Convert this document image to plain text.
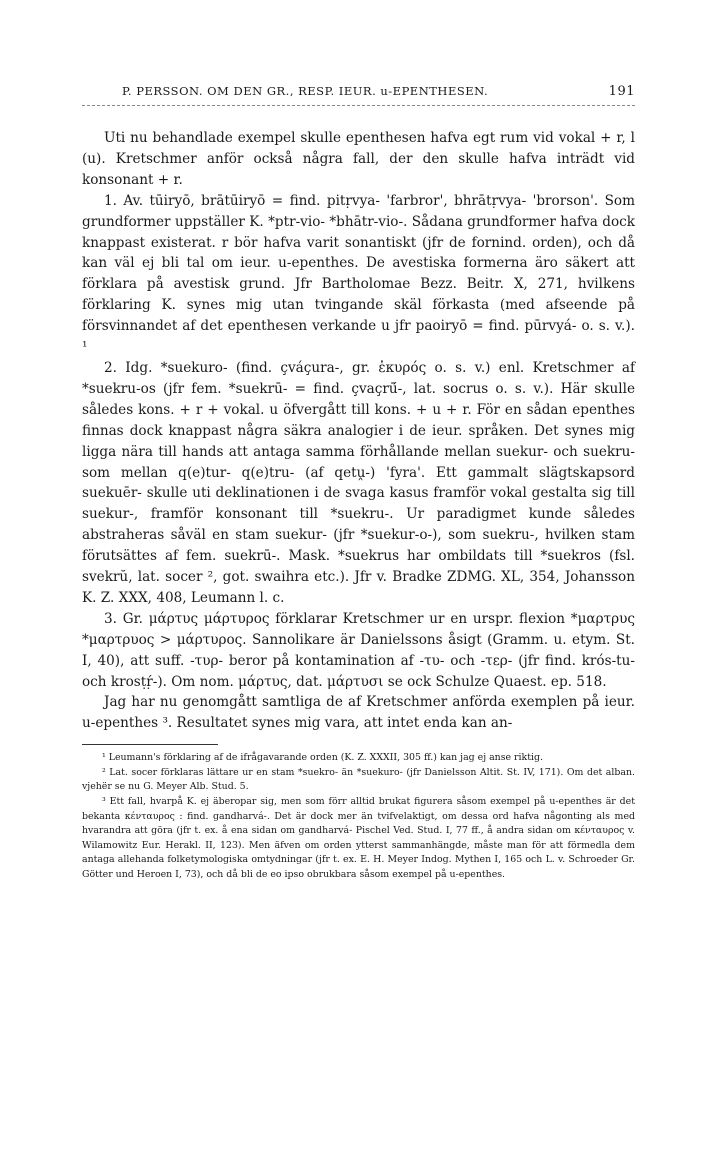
P. PERSSON. OM DEN GR., RESP. IEUR. u-EPENTHESEN.	191

Uti nu behandlade exempel skulle epenthesen hafva egt rum vid vokal + r, l (u). Kretschmer anför också några fall, der den skulle hafva inträdt vid konsonant + r.

1. Av. tūiryō, brātūiryō = find. pitṛvya- 'farbror', bhrātṛvya- 'brorson'. Som grundformer uppställer K. *ptr-vio- *bhātr-vio-. Sådana grundformer hafva dock knappast existerat. r bör hafva varit sonantiskt (jfr de fornind. orden), och då kan väl ej bli tal om ieur. u-epenthes. De avestiska formerna äro säkert att förklara på avestisk grund. Jfr Bartholomae Bezz. Beitr. X, 271, hvilkens förklaring K. synes mig utan tvingande skäl förkasta (med afseende på försvinnandet af det epenthesen verkande u jfr paoiryō = find. pūrvyá- o. s. v.). ¹

2. Idg. *suekuro- (find. çváçura-, gr. ἑκυρός o. s. v.) enl. Kretschmer af *suekru-os (jfr fem. *suekrū- = find. çvaçrū́-, lat. socrus o. s. v.). Här skulle således kons. + r + vokal. u öfvergått till kons. + u + r. För en sådan epenthes finnas dock knappast några säkra analogier i de ieur. språken. Det synes mig ligga nära till hands att antaga samma förhållande mellan suekur- och suekru- som mellan q(e)tur- q(e)tru- (af qetṷ-) 'fyra'. Ett gammalt slägtskapsord suekuēr- skulle uti deklinationen i de svaga kasus framför vokal gestalta sig till suekur-, framför konsonant till *suekru-. Ur paradigmet kunde således abstraheras såväl en stam suekur- (jfr *suekur-o-), som suekru-, hvilken stam förutsättes af fem. suekrū-. Mask. *suekrus har ombildats till *suekros (fsl. svekrŭ, lat. socer ², got. swaihra etc.). Jfr v. Bradke ZDMG. XL, 354, Johansson K. Z. XXX, 408, Leumann l. c.

3. Gr. μάρτυς μάρτυρος förklarar Kretschmer ur en urspr. flexion *μαρτρυς *μαρτρυος > μάρτυρος. Sannolikare är Danielssons åsigt (Gramm. u. etym. St. I, 40), att suff. -τυρ- beror på kontamination af -τυ- och -τερ- (jfr find. krós-tu- och krosṭṛ́-). Om nom. μάρτυς, dat. μάρτυσι se ock Schulze Quaest. ep. 518.

Jag har nu genomgått samtliga de af Kretschmer anförda exemplen på ieur. u-epenthes ³. Resultatet synes mig vara, att intet enda kan an-

¹ Leumann's förklaring af de ifrågavarande orden (K. Z. XXXII, 305 ff.) kan jag ej anse riktig.

² Lat. socer förklaras lättare ur en stam *suekro- än *suekuro- (jfr Danielsson Altit. St. IV, 171). Om det alban. vjehër se nu G. Meyer Alb. Stud. 5.

³ Ett fall, hvarpå K. ej äberopar sig, men som förr alltid brukat figurera såsom exempel på u-epenthes är det bekanta κένταυρος : find. gandharvá-. Det är dock mer än tvifvelaktigt, om dessa ord hafva någonting als med hvarandra att göra (jfr t. ex. å ena sidan om gandharvá- Pischel Ved. Stud. I, 77 ff., å andra sidan om κένταυρος v. Wilamowitz Eur. Herakl. II, 123). Men äfven om orden ytterst sammanhängde, måste man för att förmedla dem antaga allehanda folketymologiska omtydningar (jfr t. ex. E. H. Meyer Indog. Mythen I, 165 och L. v. Schroeder Gr. Götter und Heroen I, 73), och då bli de eo ipso obrukbara såsom exempel på u-epenthes.
